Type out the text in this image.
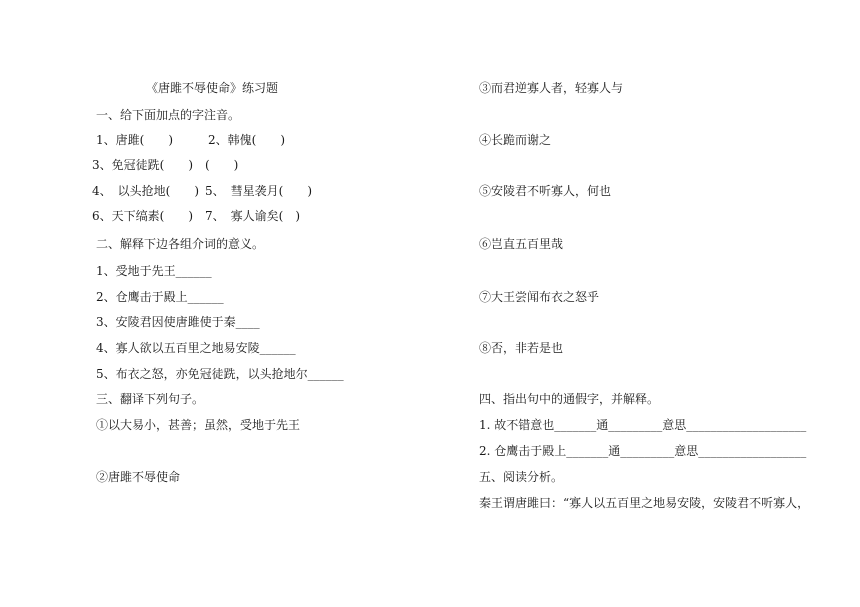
《唐雎不辱使命》练习题
一、给下面加点的字注音。
1、唐雎(　　)	2、韩傀(　　)
3、免冠徒跣(　　) (　　)
4、　以头抢地(　　) 5、　彗星袭月(　　)
6、天下缟素(　　) 7、　寡人谕矣(　)
二、解释下边各组介词的意义。
1、受地于先王______
2、仓鹰击于殿上______
3、安陵君因使唐雎使于秦____
4、寡人欲以五百里之地易安陵______
5、布衣之怒，亦免冠徒跣，以头抢地尔______
三、翻译下列句子。
①以大易小，甚善；虽然，受地于先王
②唐雎不辱使命
③而君逆寡人者，轻寡人与
④长跪而谢之
⑤安陵君不听寡人，何也
⑥岂直五百里哉
⑦大王尝闻布衣之怒乎
⑧否，非若是也
四、指出句中的通假字，并解释。
1. 故不错意也_______通_________意思____________________
2. 仓鹰击于殿上_______通_________意思__________________
五、阅读分析。
秦王谓唐雎曰：“寡人以五百里之地易安陵，安陵君不听寡人，
